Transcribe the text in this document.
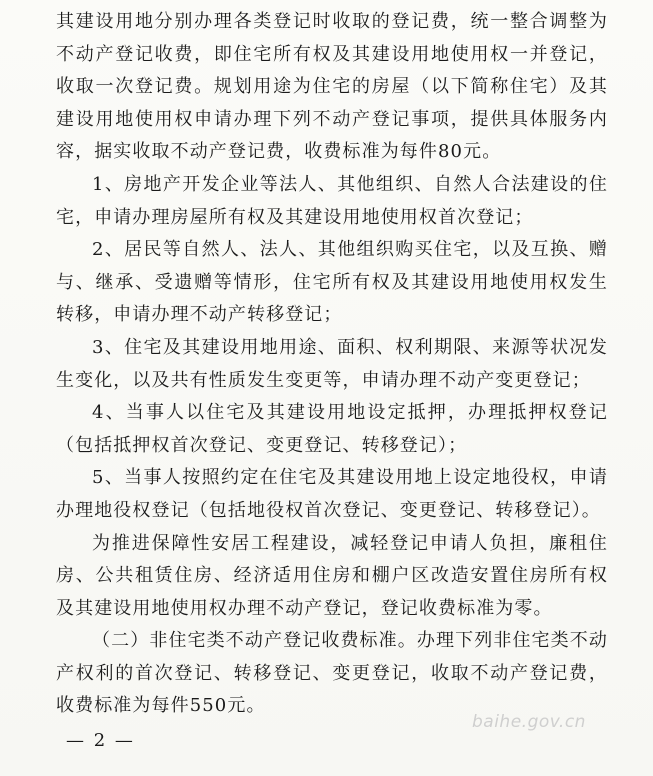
其建设用地分别办理各类登记时收取的登记费，统一整合调整为不动产登记收费，即住宅所有权及其建设用地使用权一并登记，收取一次登记费。规划用途为住宅的房屋（以下简称住宅）及其建设用地使用权申请办理下列不动产登记事项，提供具体服务内容，据实收取不动产登记费，收费标准为每件80元。

1、房地产开发企业等法人、其他组织、自然人合法建设的住宅，申请办理房屋所有权及其建设用地使用权首次登记；

2、居民等自然人、法人、其他组织购买住宅，以及互换、赠与、继承、受遗赠等情形，住宅所有权及其建设用地使用权发生转移，申请办理不动产转移登记；

3、住宅及其建设用地用途、面积、权利期限、来源等状况发生变化，以及共有性质发生变更等，申请办理不动产变更登记；

4、当事人以住宅及其建设用地设定抵押，办理抵押权登记（包括抵押权首次登记、变更登记、转移登记）；

5、当事人按照约定在住宅及其建设用地上设定地役权，申请办理地役权登记（包括地役权首次登记、变更登记、转移登记）。

为推进保障性安居工程建设，减轻登记申请人负担，廉租住房、公共租赁住房、经济适用住房和棚户区改造安置住房所有权及其建设用地使用权办理不动产登记，登记收费标准为零。

（二）非住宅类不动产登记收费标准。办理下列非住宅类不动产权利的首次登记、转移登记、变更登记，收取不动产登记费，收费标准为每件550元。

— 2 —
baihe.gov.cn
